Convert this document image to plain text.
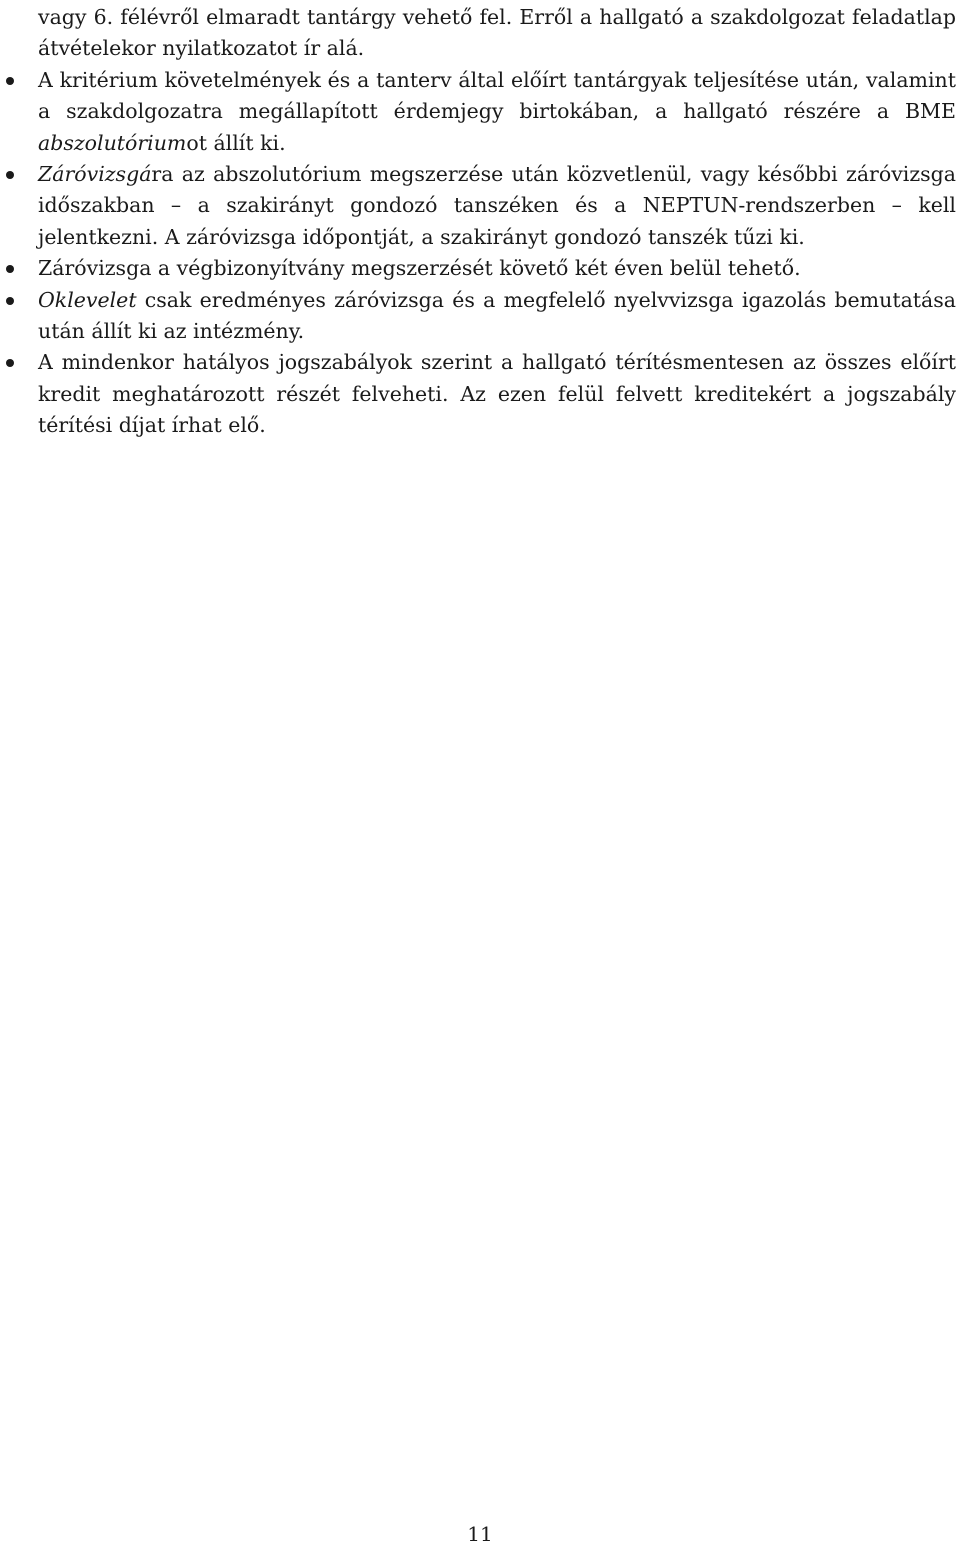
vagy 6. félévről elmaradt tantárgy vehető fel. Erről a hallgató a szakdolgozat feladatlap átvételekor nyilatkozatot ír alá.

A kritérium követelmények és a tanterv által előírt tantárgyak teljesítése után, valamint a szakdolgozatra megállapított érdemjegy birtokában, a hallgató részére a BME abszolutóriumot állít ki.
Záróvizsgára az abszolutórium megszerzése után közvetlenül, vagy későbbi záróvizsga időszakban – a szakirányt gondozó tanszéken és a NEPTUN-rendszerben – kell jelentkezni. A záróvizsga időpontját, a szakirányt gondozó tanszék tűzi ki.
Záróvizsga a végbizonyítvány megszerzését követő két éven belül tehető.
Oklevelet csak eredményes záróvizsga és a megfelelő nyelvvizsga igazolás bemutatása után állít ki az intézmény.
A mindenkor hatályos jogszabályok szerint a hallgató térítésmentesen az összes előírt kredit meghatározott részét felveheti. Az ezen felül felvett kreditekért a jogszabály térítési díjat írhat elő.
11
